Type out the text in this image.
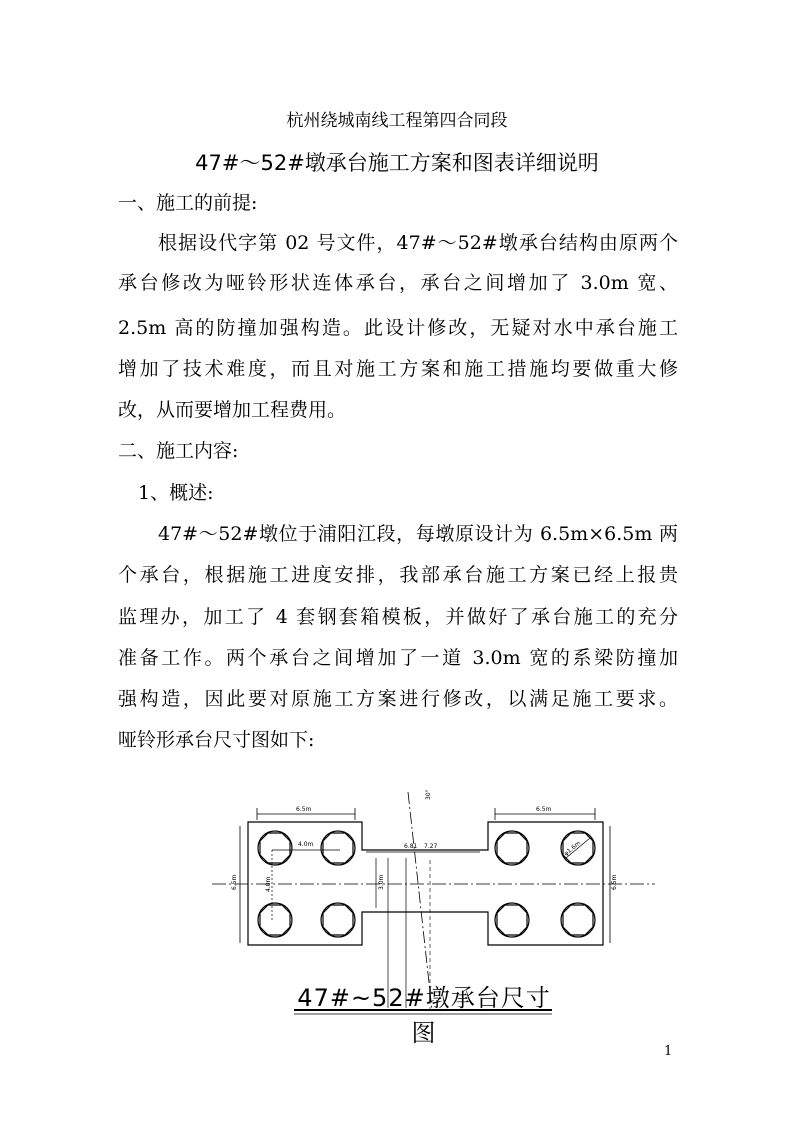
杭州绕城南线工程第四合同段
47#～52#墩承台施工方案和图表详细说明
一、施工的前提:
根据设代字第 02 号文件，47#～52#墩承台结构由原两个
承台修改为哑铃形状连体承台，承台之间增加了 3.0m 宽、
2.5m 高的防撞加强构造。此设计修改，无疑对水中承台施工
增加了技术难度，而且对施工方案和施工措施均要做重大修
改，从而要增加工程费用。
二、施工内容:
1、概述:
47#～52#墩位于浦阳江段，每墩原设计为 6.5m×6.5m 两
个承台，根据施工进度安排，我部承台施工方案已经上报贵
监理办，加工了 4 套钢套箱模板，并做好了承台施工的充分
准备工作。两个承台之间增加了一道 3.0m 宽的系梁防撞加
强构造，因此要对原施工方案进行修改，以满足施工要求。
哑铃形承台尺寸图如下:
6.5m	6.5m
4.0m
6.5m	6.5m
4.0m	3.0m
6.81 7.27	φ1.6m
30°
47#~52#墩承台尺寸图
1
